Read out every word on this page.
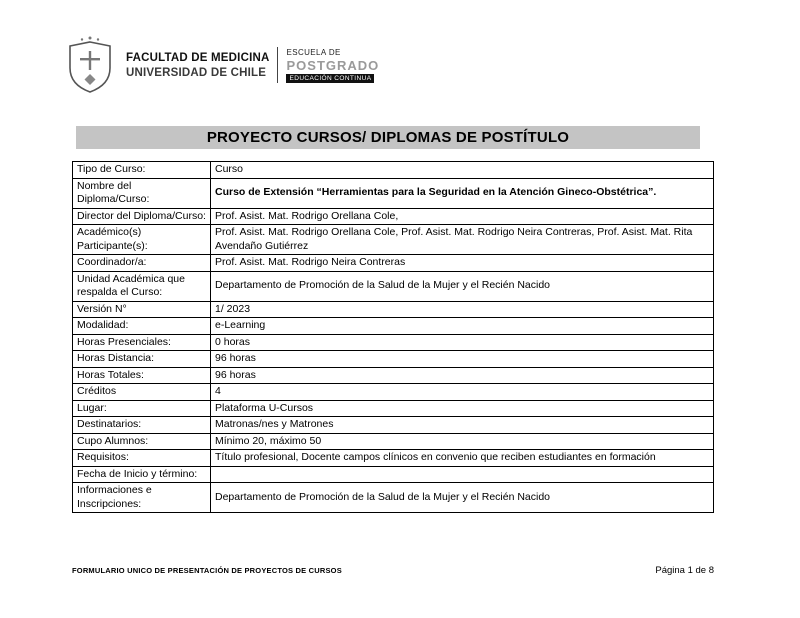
FACULTAD DE MEDICINA
UNIVERSIDAD DE CHILE
ESCUELA DE
POSTGRADO
EDUCACIÓN CONTINUA
PROYECTO CURSOS/ DIPLOMAS DE POSTÍTULO
Tipo de Curso:	Curso
Nombre del Diploma/Curso:	Curso de Extensión “Herramientas para la Seguridad en la Atención Gineco-Obstétrica”.
Director del Diploma/Curso:	Prof. Asist. Mat. Rodrigo Orellana Cole,
Académico(s) Participante(s):	Prof. Asist. Mat. Rodrigo Orellana Cole, Prof. Asist. Mat. Rodrigo Neira Contreras, Prof. Asist. Mat. Rita Avendaño Gutiérrez
Coordinador/a:	Prof. Asist. Mat. Rodrigo Neira Contreras
Unidad Académica que respalda el Curso:	Departamento de Promoción de la Salud de la Mujer y el Recién Nacido
Versión N°	1/ 2023
Modalidad:	e-Learning
Horas Presenciales:	0 horas
Horas Distancia:	96 horas
Horas Totales:	96 horas
Créditos	4
Lugar:	Plataforma U-Cursos
Destinatarios:	Matronas/nes y Matrones
Cupo Alumnos:	Mínimo 20, máximo 50
Requisitos:	Título profesional, Docente campos clínicos en convenio que reciben estudiantes en formación
Fecha de Inicio y término:	
Informaciones e Inscripciones:	Departamento de Promoción de la Salud de la Mujer y el Recién Nacido
FORMULARIO UNICO DE PRESENTACIÓN DE PROYECTOS DE CURSOS	Página 1 de 8
